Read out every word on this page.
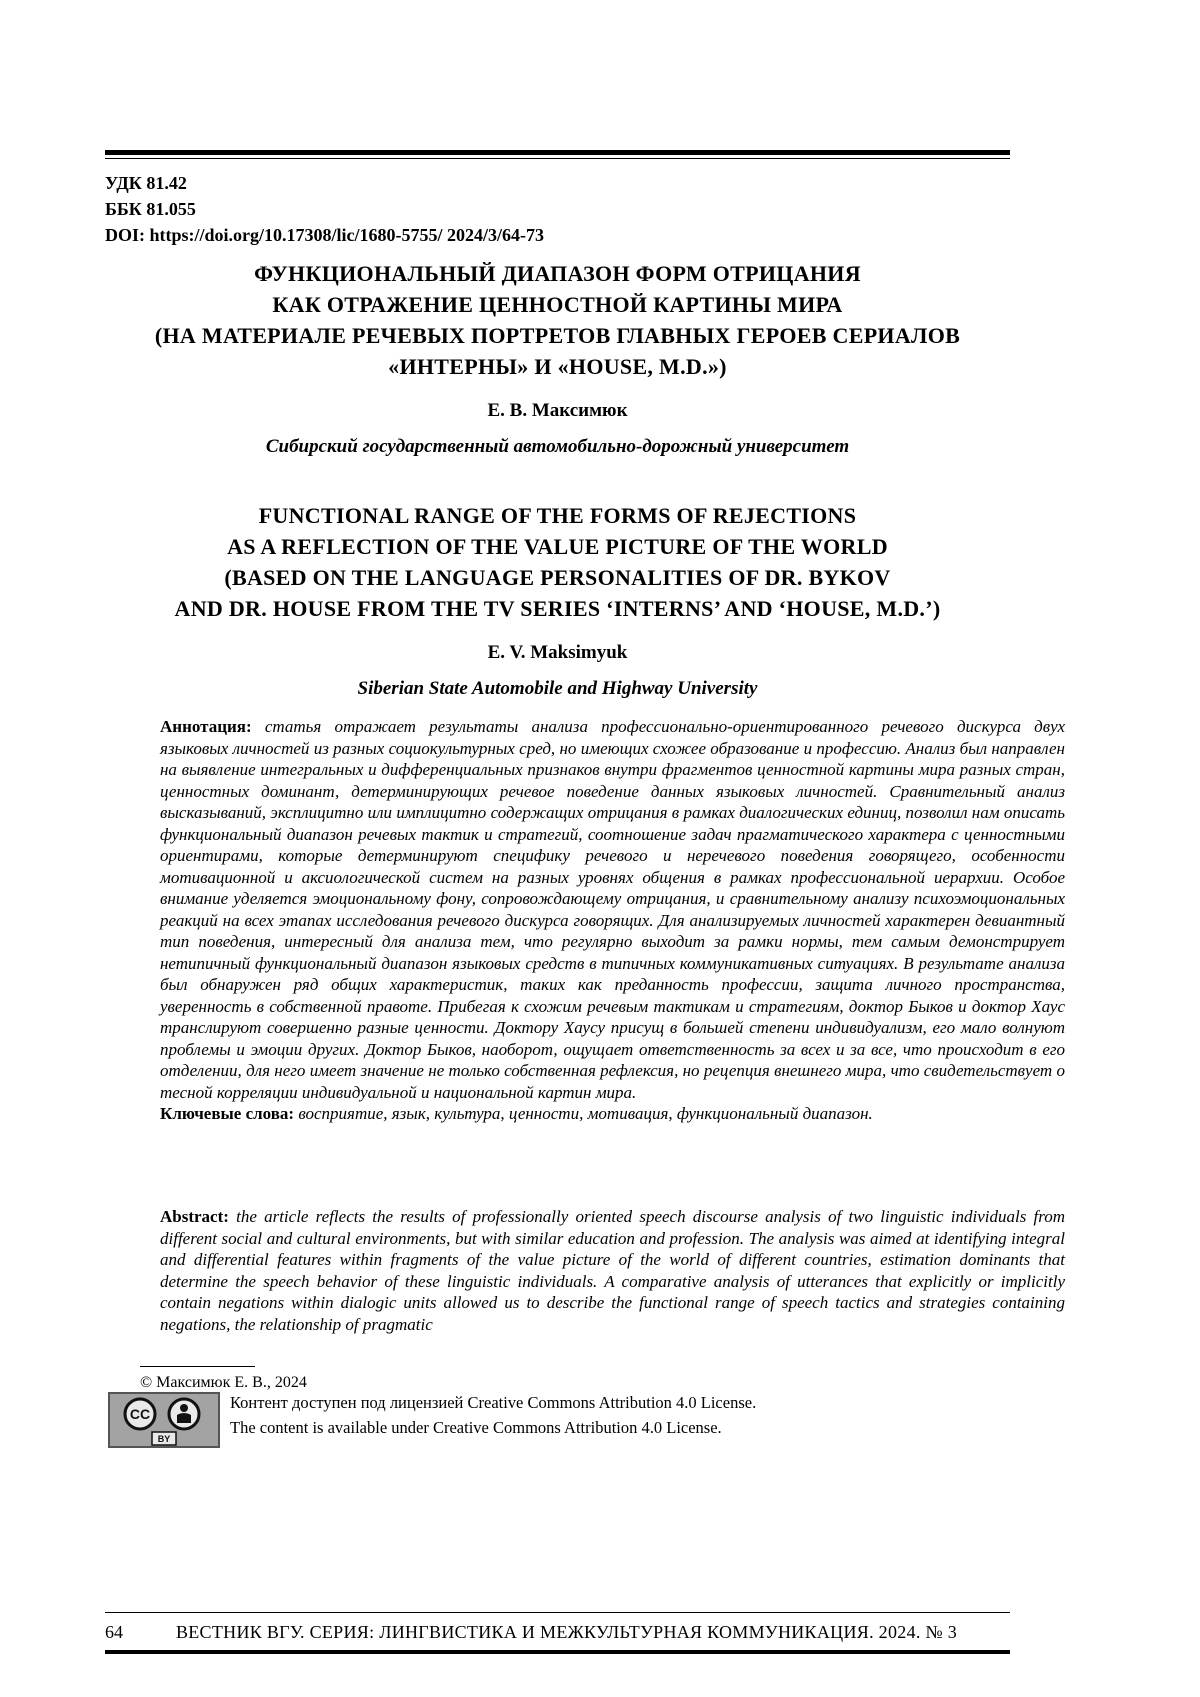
УДК 81.42
ББК 81.055
DOI: https://doi.org/10.17308/lic/1680-5755/ 2024/3/64-73
ФУНКЦИОНАЛЬНЫЙ ДИАПАЗОН ФОРМ ОТРИЦАНИЯ
КАК ОТРАЖЕНИЕ ЦЕННОСТНОЙ КАРТИНЫ МИРА
(НА МАТЕРИАЛЕ РЕЧЕВЫХ ПОРТРЕТОВ ГЛАВНЫХ ГЕРОЕВ СЕРИАЛОВ
«ИНТЕРНЫ» И «HOUSE, M.D.»)
Е. В. Максимюк
Сибирский государственный автомобильно-дорожный университет
FUNCTIONAL RANGE OF THE FORMS OF REJECTIONS
AS A REFLECTION OF THE VALUE PICTURE OF THE WORLD
(BASED ON THE LANGUAGE PERSONALITIES OF DR. BYKOV
AND DR. HOUSE FROM THE TV SERIES ‘INTERNS’ AND ‘HOUSE, M.D.’)
E. V. Maksimyuk
Siberian State Automobile and Highway University
Аннотация: статья отражает результаты анализа профессионально-ориентированного речевого дискурса двух языковых личностей из разных социокультурных сред, но имеющих схожее образование и профессию. Анализ был направлен на выявление интегральных и дифференциальных признаков внутри фрагментов ценностной картины мира разных стран, ценностных доминант, детерминирующих речевое поведение данных языковых личностей. Сравнительный анализ высказываний, эксплицитно или имплицитно содержащих отрицания в рамках диалогических единиц, позволил нам описать функциональный диапазон речевых тактик и стратегий, соотношение задач прагматического характера с ценностными ориентирами, которые детерминируют специфику речевого и неречевого поведения говорящего, особенности мотивационной и аксиологической систем на разных уровнях общения в рамках профессиональной иерархии. Особое внимание уделяется эмоциональному фону, сопровождающему отрицания, и сравнительному анализу психоэмоциональных реакций на всех этапах исследования речевого дискурса говорящих. Для анализируемых личностей характерен девиантный тип поведения, интересный для анализа тем, что регулярно выходит за рамки нормы, тем самым демонстрирует нетипичный функциональный диапазон языковых средств в типичных коммуникативных ситуациях. В результате анализа был обнаружен ряд общих характеристик, таких как преданность профессии, защита личного пространства, уверенность в собственной правоте. Прибегая к схожим речевым тактикам и стратегиям, доктор Быков и доктор Хаус транслируют совершенно разные ценности. Доктору Хаусу присущ в большей степени индивидуализм, его мало волнуют проблемы и эмоции других. Доктор Быков, наоборот, ощущает ответственность за всех и за все, что происходит в его отделении, для него имеет значение не только собственная рефлексия, но рецепция внешнего мира, что свидетельствует о тесной корреляции индивидуальной и национальной картин мира.
Ключевые слова: восприятие, язык, культура, ценности, мотивация, функциональный диапазон.
Abstract: the article reflects the results of professionally oriented speech discourse analysis of two linguistic individuals from different social and cultural environments, but with similar education and profession. The analysis was aimed at identifying integral and differential features within fragments of the value picture of the world of different countries, estimation dominants that determine the speech behavior of these linguistic individuals. A comparative analysis of utterances that explicitly or implicitly contain negations within dialogic units allowed us to describe the functional range of speech tactics and strategies containing negations, the relationship of pragmatic
© Максимюк Е. В., 2024
CC
BY
Контент доступен под лицензией Creative Commons Attribution 4.0 License.
The content is available under Creative Commons Attribution 4.0 License.
64	ВЕСТНИК ВГУ. СЕРИЯ: ЛИНГВИСТИКА И МЕЖКУЛЬТУРНАЯ КОММУНИКАЦИЯ. 2024. № 3
